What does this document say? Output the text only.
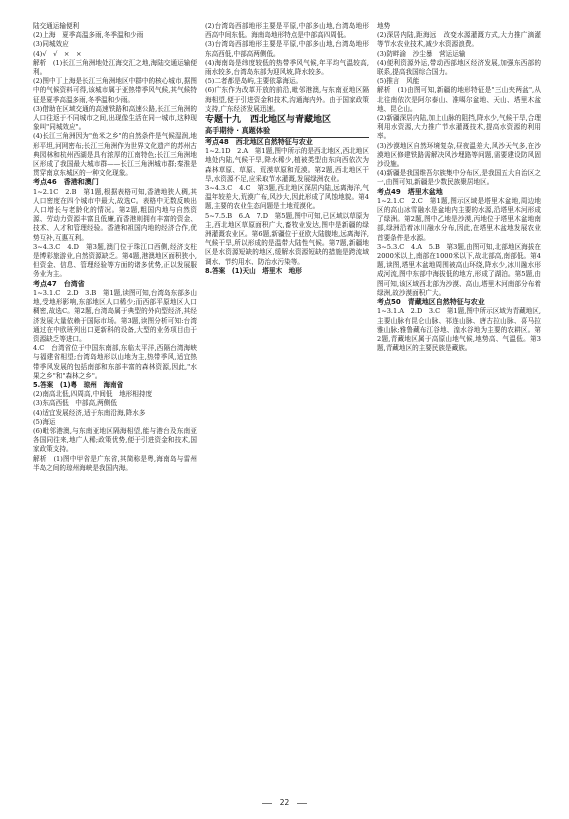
陆交通运输便利

(2)上海　夏季高温多雨,冬季温和少雨

(3)同城效应

(4)√　√　×　×

解析　(1)长江三角洲地处江海交汇之地,海陆交通运输便利。

(2)图中丁上海是长江三角洲地区中群中的核心城市,据图中的气候资料可得,该城市属于亚热带季风气候,其气候特征是夏季高温多雨,冬季温和少雨。

(3)借助在区域交通的高速铁路和高速公路,长江三角洲的人口往返于不同城市之间,出现像生活在同一城市,这种现象叫"同城效应"。

(4)长江三角洲因为"鱼米之乡"的自然条件是气候湿润,地形平坦,河网密布;长江三角洲作为世界文化遗产的苏州古典园林和杭州西湖是具有浓厚的江南特色;长江三角洲地区形成了我国最大城市群——长江三角洲城市群;秦淮是贯穿南京东城区的一种文化现象。

考点46　香港和澳门

1~2.1C　2.B　第1题,根据表格可知,香港地狭人稠,其人口密度在四个城市中最大,故选C。表格中无数反映出人口增长与老龄化的情况。第2题,粗国内地与自然资源、劳动力资源丰富且低廉,而香港则拥有丰富的资金、技术、人才和管理经验。香港和祖国内地的经济合作,优势互补,互惠互利。

3~4.3.C　4.D　第3题,澳门位于珠江口西侧,经济支柱是博彩旅游业,自然资源缺乏。第4题,港澳地区面积狭小,但资金、信息、管理经验等方面的诸多优势,正以发展服务业为主。

考点47　台湾省

1~3.1.C　2.D　3.B　第1题,读图可知,台湾岛东部多山地,受地形影响,东部地区人口稀少;而西部平原地区人口稠密,故选C。第2题,台湾岛属于典型的外向型经济,其经济发展大量依赖于国际市场。第3题,读图分析可知:台湾通过在中欧班列出口更新科的设备,大型的业务项目由于资源缺乏等进口。

4.C　台湾省位于中国东南部,东临太平洋,西隔台湾海峡与福建省相望;台湾岛地形以山地为主,热带季风,适宜热带季风发展的包括南部和东部丰富的森林资源,因此,"水果之乡"和"森林之乡"。

5.答案　(1)粤　琼州　海南省

(2)南高北低,四周高,中间低　地形相持度

(3)东高西低　中部高,两侧低

(4)适宜发展经济,适于东南沿海,降水多

(5)海运

(6)毗邻港澳,与东南亚地区隔海相望,能与港台及东南亚各国同往来,地广人稀;政策优势,便于引进资金和技术,国家政策支持。

解析　(1)图中甲省是广东省,其简称是粤,海南岛与雷州半岛之间的琼州海峡是我国内海。

(2)台湾岛西部地形主要是平原,中部多山地,台湾岛地形西高中间东低。海南岛地形特点是中部高四周低。

(3)台湾岛西部地形主要是平原,中部多山地,台湾岛地形东高西低,中部高两侧低。

(4)海南岛是纬度较低的热带季风气候,年平均气温较高,雨水较多,台湾岛东部为迎风坡,降水较多。

(5)二者都是岛屿,主要依靠海运。

(6)广东作为改革开放的前沿,毗邻港澳,与东南亚地区隔海相望,便于引进资金和技术,沟通海内外。由于国家政策支持,广东经济发展迅速。

专题十九　西北地区与青藏地区

高手期待 · 真题体验

考点48　西北地区自然特征与农业

1~2.1D　2.A　第1题,图中所示的是西北地区,西北地区地处内陆,气候干旱,降水稀少,植被类型由东向西依次为森林草原、草原、荒漠草原和荒漠。第2题,西北地区干旱,水资源不足,应采取节水灌溉,发展绿洲农业。

3~4.3.C　4.C　第3题,西北地区深居内陆,远离海洋,气温年较差大,荒漠广布,风沙大,因此形成了风蚀地貌。第4题,主要的农业生态问题是土地荒漠化。

5~7.5.B　6.A　7.D　第5题,图中可知,已区域以草原为主,西北地区草原面积广大,畜牧业发达,图中是新疆的绿洲灌溉农业区。第6题,新疆位于亚欧大陆腹地,远离海洋,气候干旱,所以形成的是温带大陆性气候。第7题,新疆地区是水资源短缺的地区,缓解水资源短缺的措施是跨流域调水、节约用水、防治水污染等。

8.答案　(1)天山　塔里木　地形

地势

(2)深居内陆,距海远　改变水源灌溉方式,大力推广滴灌等节水农业技术,减少水资源浪费。

(3)防畔渝　沙尘暴　营运运输

(4)便利资源外运,带动西部地区经济发展,加强东西部的联系,提高我国综合国力。

(5)推言　风能

解析　(1)由图可知,新疆的地形特征是"三山夹两盆",从北往南依次是阿尔泰山、准噶尔盆地、天山、塔里木盆地、昆仑山。

(2)新疆深居内陆,加上山脉的阻挡,降水少,气候干旱,合理利用水资源,大力推广节水灌溉技术,提高水资源的利用率。

(3)沙漠地区自然环境复杂,昼夜温差大,风沙天气多,在沙漠地区修建铁路需解决风沙埋路等问题,需要建设防风固沙设施。

(4)新疆是我国维吾尔族集中分布区,是我国五大自治区之一,由图可知,新疆是少数民族聚居地区。

考点49　塔里木盆地

1~2.1.C　2.C　第1题,图示区域是塔里木盆地,周边地区的高山冰雪融水是盆地内主要的水源,沿塔里木河形成了绿洲。第2题,图中乙地是沙漠,丙地位于塔里木盆地南部,绿洲沿着冰川融水分布,因此,在塔里木盆地发展农业首要条件是水源。

3~5.3.C　4.A　5.B　第3题,由图可知,北部地区海拔在2000米以上,南部在1000米以下,故北部高,南部低。第4题,读图,塔里木盆地周围被高山环绕,降水少,冰川融水形成河流,图中东部中海拔低的地方,形成了湖泊。第5题,由图可知,该区域西北部为沙漠、高山,塔里木河南部分布着绿洲,故沙漠面积广大。

考点50　青藏地区自然特征与农业

1~3.1.A　2.D　3.C　第1题,图中所示区域为青藏地区,主要山脉有昆仑山脉、祁连山脉、唐古拉山脉、喜马拉雅山脉;雅鲁藏布江谷地、湟水谷地为主要的农耕区。第2题,青藏地区属于高原山地气候,地势高、气温低。第3题,青藏地区的主要民族是藏族。

22
